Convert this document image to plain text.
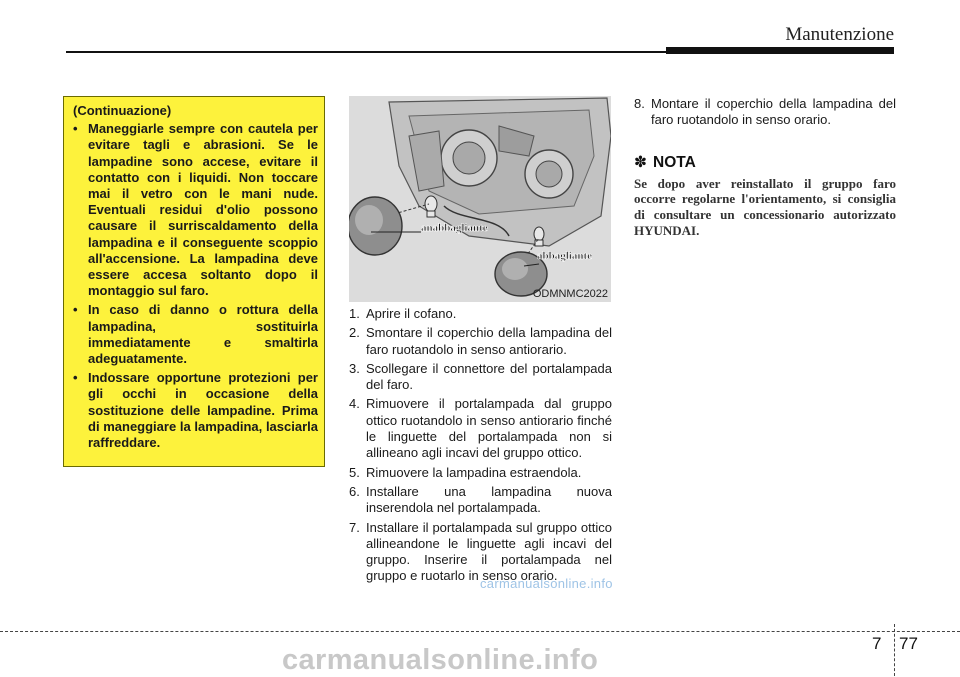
Manutenzione

(Continuazione)

• Maneggiarle sempre con cautela per evitare tagli e abrasioni. Se le lampadine sono accese, evitare il contatto con i liquidi. Non toccare mai il vetro con le mani nude. Eventuali residui d'olio possono causare il surriscaldamento della lampadina e il conseguente scoppio all'accensione. La lampadina deve essere accesa soltanto dopo il montaggio sul faro.
• In caso di danno o rottura della lampadina, sostituirla immediatamente e smaltirla adeguatamente.
• Indossare opportune protezioni per gli occhi in occasione della sostituzione delle lampadine. Prima di maneggiare la lampadina, lasciarla raffreddare.
anabbagliante
abbagliante
ODMNMC2022
1. Aprire il cofano.
2. Smontare il coperchio della lampadina del faro ruotandolo in senso antiorario.
3. Scollegare il connettore del portalampada del faro.
4. Rimuovere il portalampada dal gruppo ottico ruotandolo in senso antiorario finché le linguette del portalampada non si allineano agli incavi del gruppo ottico.
5. Rimuovere la lampadina estraendola.
6. Installare una lampadina nuova inserendola nel portalampada.
7. Installare il portalampada sul gruppo ottico allineandone le linguette agli incavi del gruppo. Inserire il portalampada nel gruppo e ruotarlo in senso orario.

8. Montare il coperchio della lampadina del faro ruotandolo in senso orario.

✽ NOTA

Se dopo aver reinstallato il gruppo faro occorre regolarne l'orientamento, si consiglia di consultare un concessionario autorizzato HYUNDAI.

carmanualsonline.info
7 77
carmanualsonline.info
